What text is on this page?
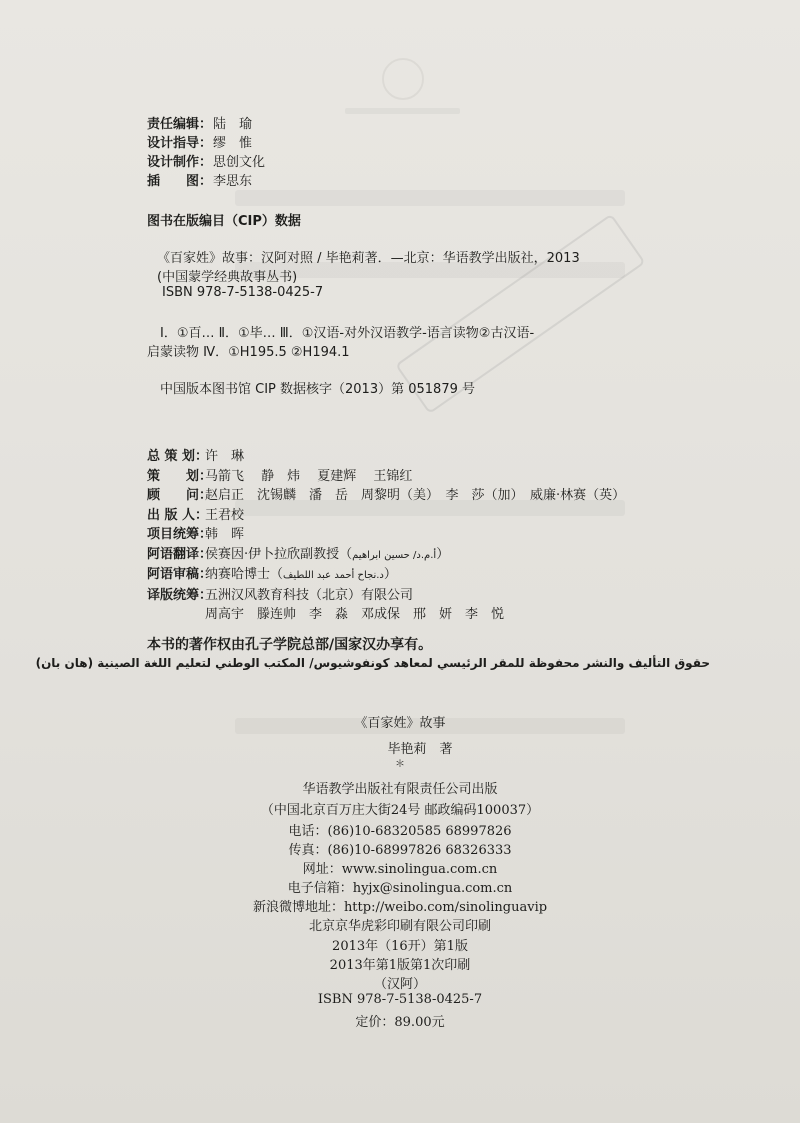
责任编辑：陆　瑜
设计指导：缪　惟
设计制作：思创文化
插　　图：李思东
图书在版编目（CIP）数据
《百家姓》故事：汉阿对照 / 毕艳莉著．—北京：华语教学出版社，2013
(中国蒙学经典故事丛书)
ISBN 978-7-5138-0425-7
Ⅰ．①百… Ⅱ．①毕… Ⅲ．①汉语-对外汉语教学-语言读物②古汉语-
启蒙读物 Ⅳ．①H195.5 ②H194.1
中国版本图书馆 CIP 数据核字（2013）第 051879 号
总 策 划：许　琳
策　　划：马箭飞　 静　炜　 夏建辉　 王锦红
顾　　问：赵启正　沈锡麟　潘　岳　周黎明（美）　李　莎（加）　威廉·林赛（英）
出 版 人：王君校
项目统筹：韩　晖
阿语翻译：侯赛因·伊卜拉欣副教授（أ.م.د/ حسين ابراهيم）
阿语审稿：纳赛哈博士（د.نجاح أحمد عبد اللطيف）
译版统筹：五洲汉风教育科技（北京）有限公司
周高宇　滕连帅　李　淼　邓成保　邢　妍　李　悦
本书的著作权由孔子学院总部/国家汉办享有。
حقوق التأليف والنشر محفوظة للمقر الرئيسي لمعاهد كونفوشيوس/ المكتب الوطني لتعليم اللغة الصينية (هان بان)
《百家姓》故事
毕艳莉　著
＊
华语教学出版社有限责任公司出版
（中国北京百万庄大街24号 邮政编码100037）
电话：(86)10-68320585 68997826
传真：(86)10-68997826 68326333
网址：www.sinolingua.com.cn
电子信箱：hyjx@sinolingua.com.cn
新浪微博地址：http://weibo.com/sinolinguavip
北京京华虎彩印刷有限公司印刷
2013年（16开）第1版
2013年第1版第1次印刷
（汉阿）
ISBN 978-7-5138-0425-7
定价：89.00元
